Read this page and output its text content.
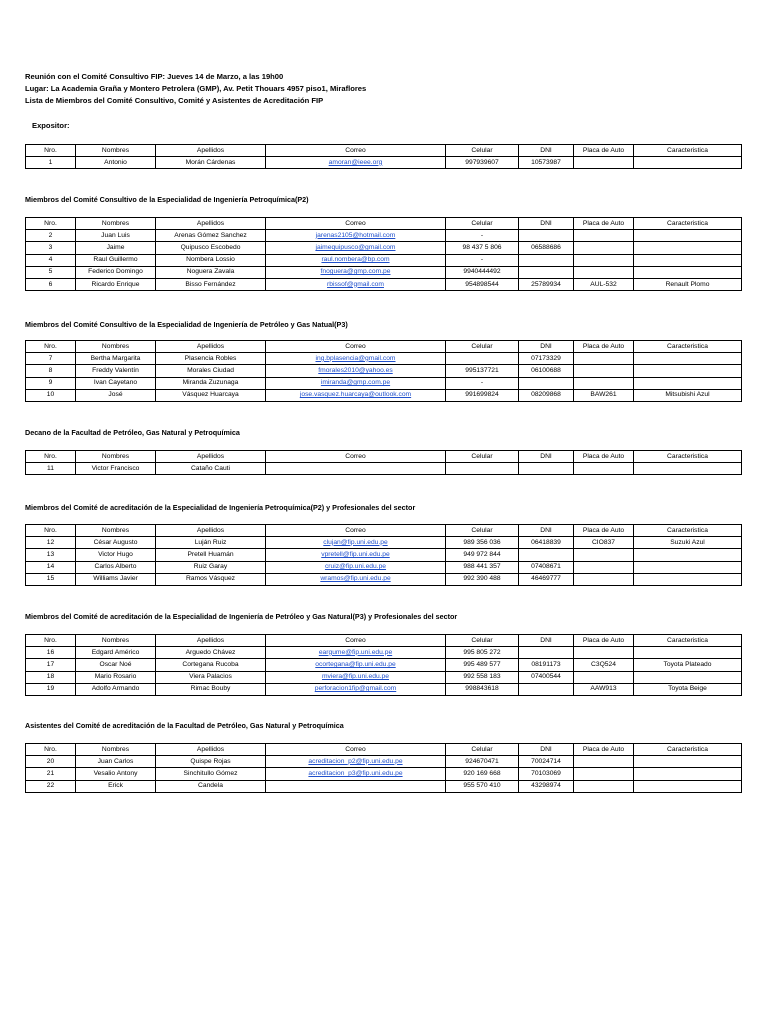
Reunión con el Comité Consultivo FIP: Jueves 14 de Marzo, a las 19h00
Lugar: La Academia Graña y Montero Petrolera (GMP), Av. Petit Thouars 4957 piso1, Miraflores
Lista de Miembros del Comité Consultivo, Comité y Asistentes de Acreditación FIP
Expositor:
Nro.	Nombres	Apellidos	Correo	Celular	DNI	Placa de Auto	Caracteristica
1	Antonio	Morán Cárdenas	amoran@ieee.org	997939607	10573987		
Miembros del Comité Consultivo de la Especialidad de Ingeniería Petroquímica(P2)
Nro.	Nombres	Apellidos	Correo	Celular	DNI	Placa de Auto	Caracteristica
2	Juan Luis	Arenas Gómez Sanchez	jarenas2105@hotmail.com	-			
3	Jaime	Quipusco Escobedo	jaimequipusco@gmail.com	98 437 5 806	06588686		
4	Raul Guillermo	Nombera Lossio	raul.nombera@bp.com	-			
5	Federico Domingo	Noguera Zavala	fnoguera@gmp.com.pe	9940444492			
6	Ricardo Enrique	Bisso Fernández	rbissof@gmail.com	954898544	25789934	AUL-532	Renault Plomo
Miembros del Comité Consultivo de la Especialidad de Ingeniería de Petróleo y Gas Natual(P3)
Nro.	Nombres	Apellidos	Correo	Celular	DNI	Placa de Auto	Caracteristica
7	Bertha Margarita	Plasencia Robles	ing.bplasencia@gmail.com		07173329		
8	Freddy Valentín	Morales Ciudad	fmorales2010@yahoo.es	995137721	06100688		
9	Ivan Cayetano	Miranda Zuzunaga	imiranda@gmp.com.pe	-			
10	José	Vásquez Huarcaya	jose.vasquez.huarcaya@outlook.com	991699824	08209868	BAW261	Mitsubishi Azul
Decano de la Facultad de Petróleo, Gas Natural y Petroquímica
Nro.	Nombres	Apellidos	Correo	Celular	DNI	Placa de Auto	Caracteristica
11	Victor Francisco	Cataño Cauti					
Miembros del Comité de acreditación de la Especialidad de Ingeniería Petroquímica(P2) y Profesionales del sector
Nro.	Nombres	Apellidos	Correo	Celular	DNI	Placa de Auto	Caracteristica
12	César Augusto	Luján Ruiz	clujan@fip.uni.edu.pe	989 356 036	06418839	CIO837	Suzuki Azul
13	Victor Hugo	Pretell Huamán	vpretell@fip.uni.edu.pe	949 972 844			
14	Carlos Alberto	Ruiz Garay	cruiz@fip.uni.edu.pe	988 441 357	07408671		
15	Williams Javier	Ramos Vásquez	wramos@fip.uni.edu.pe	992 390 488	46469777		
Miembros del Comité de acreditación de la Especialidad de Ingeniería de Petróleo y Gas Natural(P3) y Profesionales del sector
Nro.	Nombres	Apellidos	Correo	Celular	DNI	Placa de Auto	Caracteristica
16	Edgard Américo	Arguedo Chávez	eargume@fip.uni.edu.pe	995 805 272			
17	Oscar Noé	Cortegana Rucoba	ocortegana@fip.uni.edu.pe	995 489 577	08191173	C3Q524	Toyota Plateado
18	Mario Rosario	Viera Palacios	mviera@fip.uni.edu.pe	992 558 183	07400544		
19	Adolfo Armando	Rimac Bouby	perforacion1fip@gmail.com	998843618		AAW913	Toyota Beige
Asistentes del Comité de acreditación de la Facultad de Petróleo, Gas Natural y Petroquímica
Nro.	Nombres	Apellidos	Correo	Celular	DNI	Placa de Auto	Caracteristica
20	Juan Carlos	Quispe Rojas	acreditacion_p2@fip.uni.edu.pe	924670471	70024714		
21	Vesalio Antony	Sinchitullo Gómez	acreditacion_p3@fip.uni.edu.pe	920 169 668	70103069		
22	Erick	Candela		955 570 410	43298974		
